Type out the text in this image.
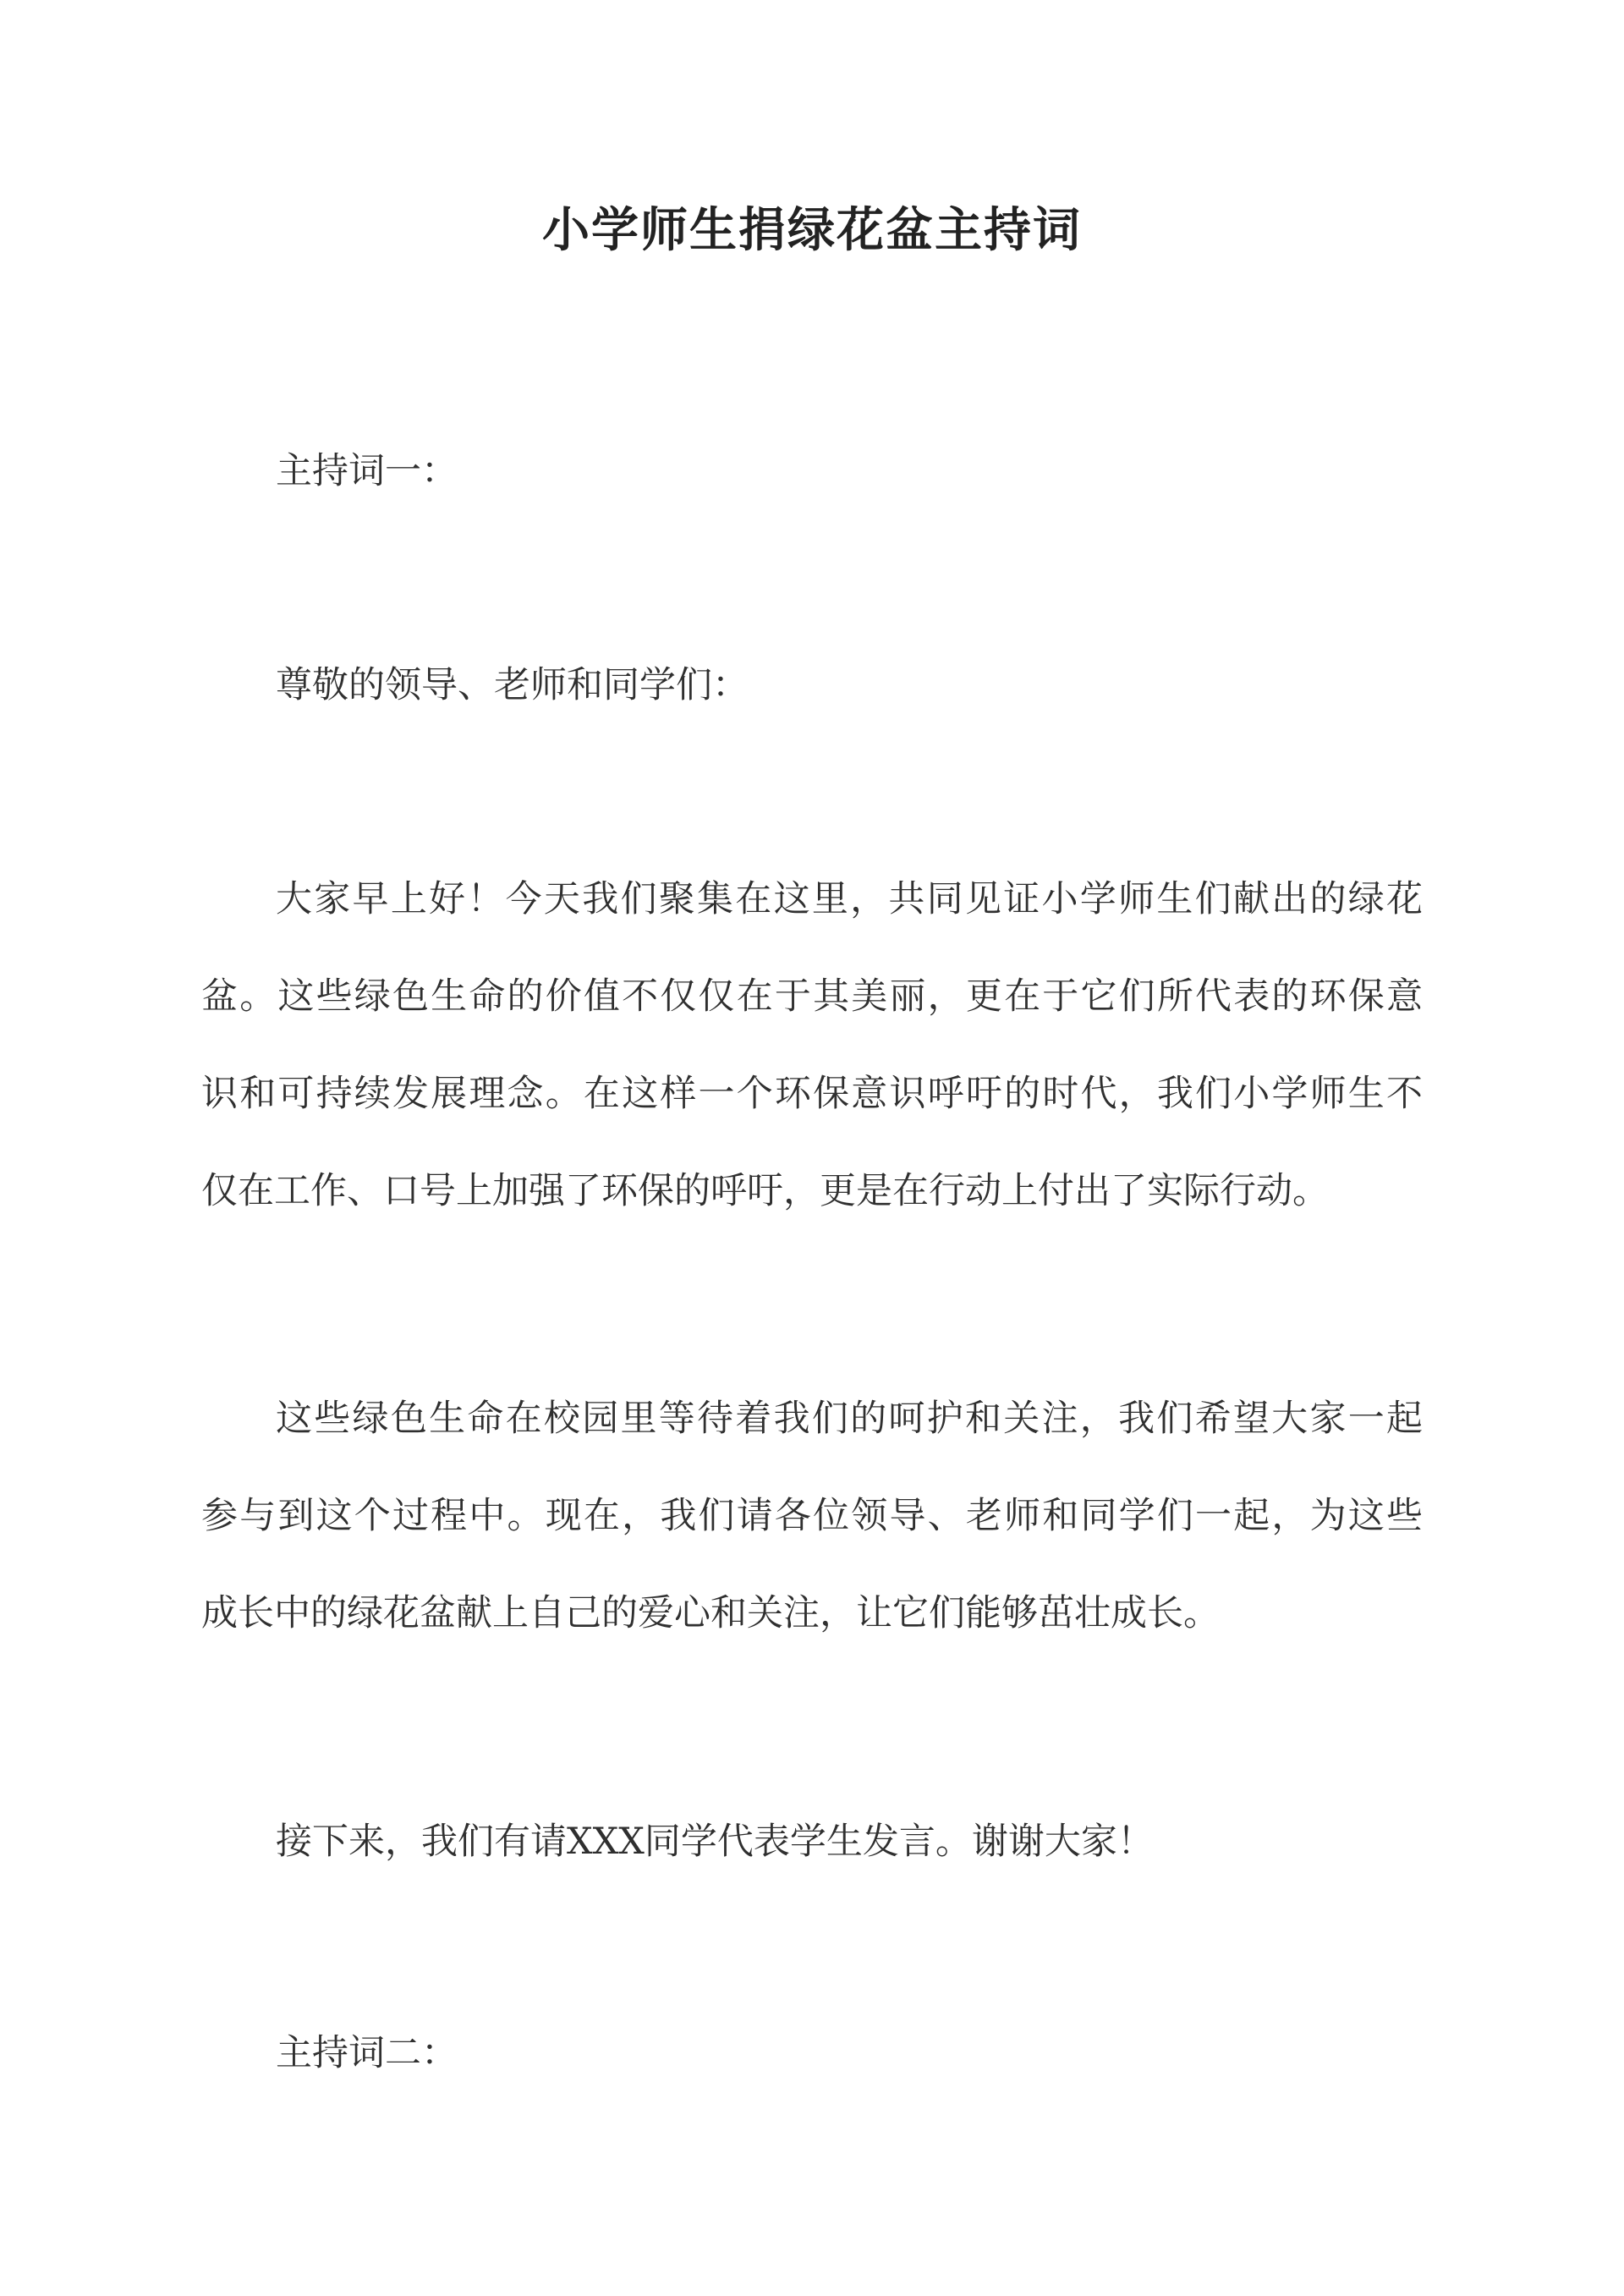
小学师生捐绿花盆主持词
主持词一：
尊敬的领导、老师和同学们：
大家早上好！今天我们聚集在这里，共同见证小学师生们献出的绿花
盆。这些绿色生命的价值不仅仅在于其美丽，更在于它们所代表的环保意
识和可持续发展理念。在这样一个环保意识呼吁的时代，我们小学师生不
仅在工作、口号上加强了环保的呼吁，更是在行动上付出了实际行动。
这些绿色生命在校园里等待着我们的呵护和关注，我们希望大家一起
参与到这个过程中。现在，我们请各位领导、老师和同学们一起，为这些
成长中的绿花盆献上自己的爱心和关注，让它们能够茁壮成长。
接下来，我们有请XXX同学代表学生发言。谢谢大家！
主持词二：
